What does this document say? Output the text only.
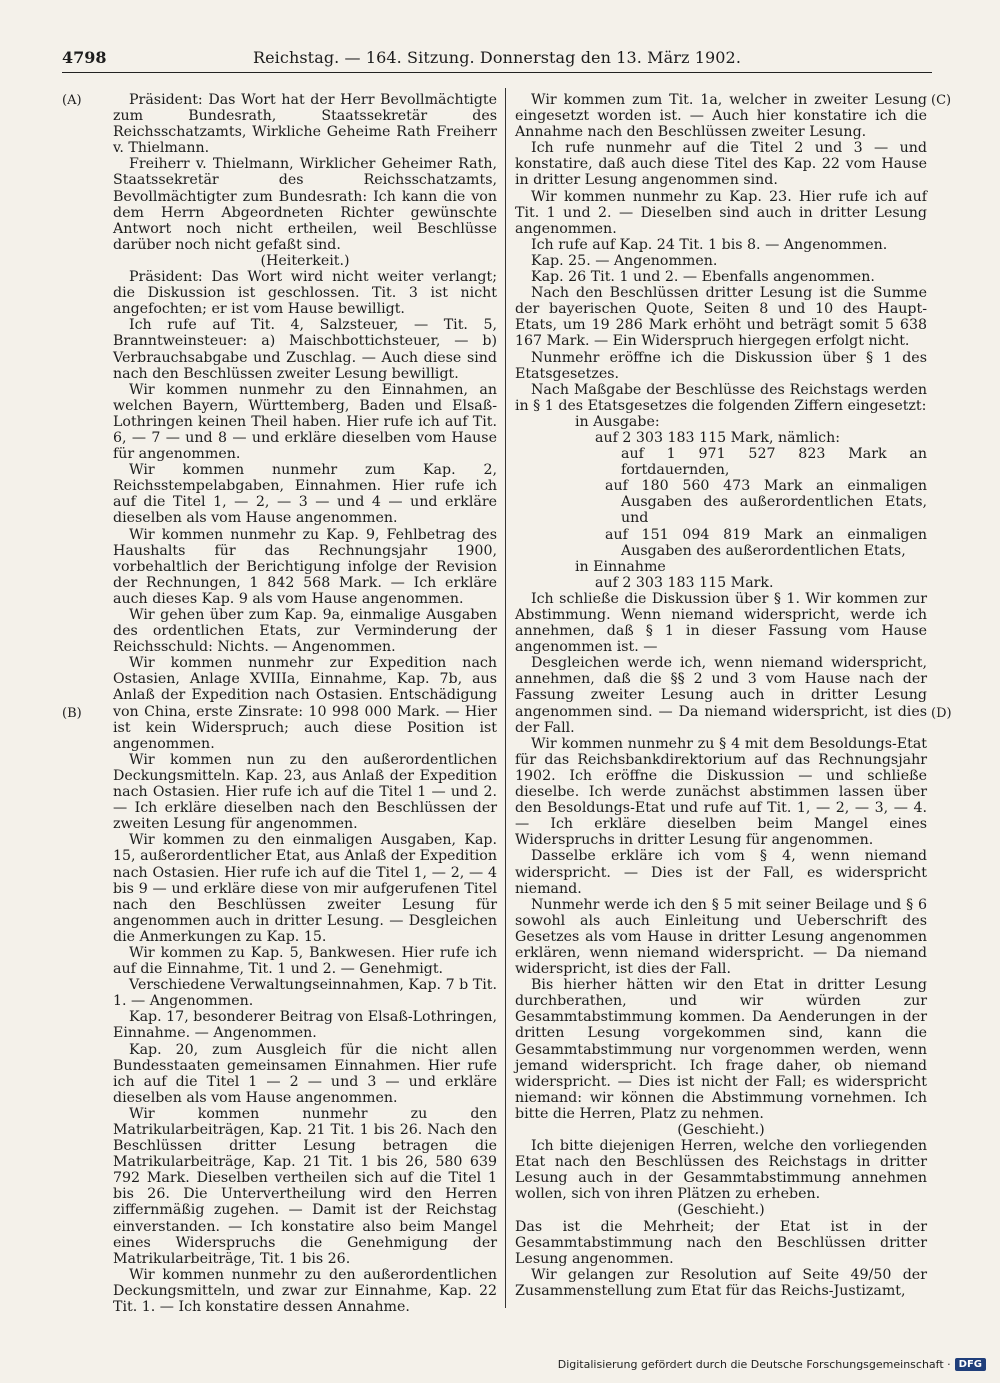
4798	Reichstag. — 164. Sitzung. Donnerstag den 13. März 1902.
(A)
(B)
(C)
(D)

Präsident: Das Wort hat der Herr Bevollmächtigte zum Bundesrath, Staatssekretär des Reichsschatzamts, Wirkliche Geheime Rath Freiherr v. Thielmann.

Freiherr v. Thielmann, Wirklicher Geheimer Rath, Staatssekretär des Reichsschatzamts, Bevollmächtigter zum Bundesrath: Ich kann die von dem Herrn Abgeordneten Richter gewünschte Antwort noch nicht ertheilen, weil Beschlüsse darüber noch nicht gefaßt sind.

(Heiterkeit.)

Präsident: Das Wort wird nicht weiter verlangt; die Diskussion ist geschlossen. Tit. 3 ist nicht angefochten; er ist vom Hause bewilligt.

Ich rufe auf Tit. 4, Salzsteuer, — Tit. 5, Branntweinsteuer: a) Maischbottichsteuer, — b) Verbrauchsabgabe und Zuschlag. — Auch diese sind nach den Beschlüssen zweiter Lesung bewilligt.

Wir kommen nunmehr zu den Einnahmen, an welchen Bayern, Württemberg, Baden und Elsaß-Lothringen keinen Theil haben. Hier rufe ich auf Tit. 6, — 7 — und 8 — und erkläre dieselben vom Hause für angenommen.

Wir kommen nunmehr zum Kap. 2, Reichsstempelabgaben, Einnahmen. Hier rufe ich auf die Titel 1, — 2, — 3 — und 4 — und erkläre dieselben als vom Hause angenommen.

Wir kommen nunmehr zu Kap. 9, Fehlbetrag des Haushalts für das Rechnungsjahr 1900, vorbehaltlich der Berichtigung infolge der Revision der Rechnungen, 1 842 568 Mark. — Ich erkläre auch dieses Kap. 9 als vom Hause angenommen.

Wir gehen über zum Kap. 9a, einmalige Ausgaben des ordentlichen Etats, zur Verminderung der Reichsschuld: Nichts. — Angenommen.

Wir kommen nunmehr zur Expedition nach Ostasien, Anlage XVIIIa, Einnahme, Kap. 7b, aus Anlaß der Expedition nach Ostasien. Entschädigung von China, erste Zinsrate: 10 998 000 Mark. — Hier ist kein Widerspruch; auch diese Position ist angenommen.

Wir kommen nun zu den außerordentlichen Deckungsmitteln. Kap. 23, aus Anlaß der Expedition nach Ostasien. Hier rufe ich auf die Titel 1 — und 2. — Ich erkläre dieselben nach den Beschlüssen der zweiten Lesung für angenommen.

Wir kommen zu den einmaligen Ausgaben, Kap. 15, außerordentlicher Etat, aus Anlaß der Expedition nach Ostasien. Hier rufe ich auf die Titel 1, — 2, — 4 bis 9 — und erkläre diese von mir aufgerufenen Titel nach den Beschlüssen zweiter Lesung für angenommen auch in dritter Lesung. — Desgleichen die Anmerkungen zu Kap. 15.

Wir kommen zu Kap. 5, Bankwesen. Hier rufe ich auf die Einnahme, Tit. 1 und 2. — Genehmigt.

Verschiedene Verwaltungseinnahmen, Kap. 7 b Tit. 1. — Angenommen.

Kap. 17, besonderer Beitrag von Elsaß-Lothringen, Einnahme. — Angenommen.

Kap. 20, zum Ausgleich für die nicht allen Bundesstaaten gemeinsamen Einnahmen. Hier rufe ich auf die Titel 1 — 2 — und 3 — und erkläre dieselben als vom Hause angenommen.

Wir kommen nunmehr zu den Matrikularbeiträgen, Kap. 21 Tit. 1 bis 26. Nach den Beschlüssen dritter Lesung betragen die Matrikularbeiträge, Kap. 21 Tit. 1 bis 26, 580 639 792 Mark. Dieselben vertheilen sich auf die Titel 1 bis 26. Die Untervertheilung wird den Herren ziffernmäßig zugehen. — Damit ist der Reichstag einverstanden. — Ich konstatire also beim Mangel eines Widerspruchs die Genehmigung der Matrikularbeiträge, Tit. 1 bis 26.

Wir kommen nunmehr zu den außerordentlichen Deckungsmitteln, und zwar zur Einnahme, Kap. 22 Tit. 1. — Ich konstatire dessen Annahme.

Wir kommen zum Tit. 1a, welcher in zweiter Lesung eingesetzt worden ist. — Auch hier konstatire ich die Annahme nach den Beschlüssen zweiter Lesung.

Ich rufe nunmehr auf die Titel 2 und 3 — und konstatire, daß auch diese Titel des Kap. 22 vom Hause in dritter Lesung angenommen sind.

Wir kommen nunmehr zu Kap. 23. Hier rufe ich auf Tit. 1 und 2. — Dieselben sind auch in dritter Lesung angenommen.

Ich rufe auf Kap. 24 Tit. 1 bis 8. — Angenommen.

Kap. 25. — Angenommen.

Kap. 26 Tit. 1 und 2. — Ebenfalls angenommen.

Nach den Beschlüssen dritter Lesung ist die Summe der bayerischen Quote, Seiten 8 und 10 des Haupt-Etats, um 19 286 Mark erhöht und beträgt somit 5 638 167 Mark. — Ein Widerspruch hiergegen erfolgt nicht.

Nunmehr eröffne ich die Diskussion über § 1 des Etatsgesetzes.

Nach Maßgabe der Beschlüsse des Reichstags werden in § 1 des Etatsgesetzes die folgenden Ziffern eingesetzt:

in Ausgabe:

auf 2 303 183 115 Mark, nämlich:

auf 1 971 527 823 Mark an fortdauernden,

auf 180 560 473 Mark an einmaligen Ausgaben des außerordentlichen Etats, und

auf 151 094 819 Mark an einmaligen Ausgaben des außerordentlichen Etats,

in Einnahme

auf 2 303 183 115 Mark.

Ich schließe die Diskussion über § 1. Wir kommen zur Abstimmung. Wenn niemand widerspricht, werde ich annehmen, daß § 1 in dieser Fassung vom Hause angenommen ist. —

Desgleichen werde ich, wenn niemand widerspricht, annehmen, daß die §§ 2 und 3 vom Hause nach der Fassung zweiter Lesung auch in dritter Lesung angenommen sind. — Da niemand widerspricht, ist dies der Fall.

Wir kommen nunmehr zu § 4 mit dem Besoldungs-Etat für das Reichsbankdirektorium auf das Rechnungsjahr 1902. Ich eröffne die Diskussion — und schließe dieselbe. Ich werde zunächst abstimmen lassen über den Besoldungs-Etat und rufe auf Tit. 1, — 2, — 3, — 4. — Ich erkläre dieselben beim Mangel eines Widerspruchs in dritter Lesung für angenommen.

Dasselbe erkläre ich vom § 4, wenn niemand widerspricht. — Dies ist der Fall, es widerspricht niemand.

Nunmehr werde ich den § 5 mit seiner Beilage und § 6 sowohl als auch Einleitung und Ueberschrift des Gesetzes als vom Hause in dritter Lesung angenommen erklären, wenn niemand widerspricht. — Da niemand widerspricht, ist dies der Fall.

Bis hierher hätten wir den Etat in dritter Lesung durchberathen, und wir würden zur Gesammtabstimmung kommen. Da Aenderungen in der dritten Lesung vorgekommen sind, kann die Gesammtabstimmung nur vorgenommen werden, wenn jemand widerspricht. Ich frage daher, ob niemand widerspricht. — Dies ist nicht der Fall; es widerspricht niemand: wir können die Abstimmung vornehmen. Ich bitte die Herren, Platz zu nehmen.

(Geschieht.)

Ich bitte diejenigen Herren, welche den vorliegenden Etat nach den Beschlüssen des Reichstags in dritter Lesung auch in der Gesammtabstimmung annehmen wollen, sich von ihren Plätzen zu erheben.

(Geschieht.)

Das ist die Mehrheit; der Etat ist in der Gesammtabstimmung nach den Beschlüssen dritter Lesung angenommen.

Wir gelangen zur Resolution auf Seite 49/50 der Zusammenstellung zum Etat für das Reichs-Justizamt,

Digitalisierung gefördert durch die Deutsche Forschungsgemeinschaft · DFG
